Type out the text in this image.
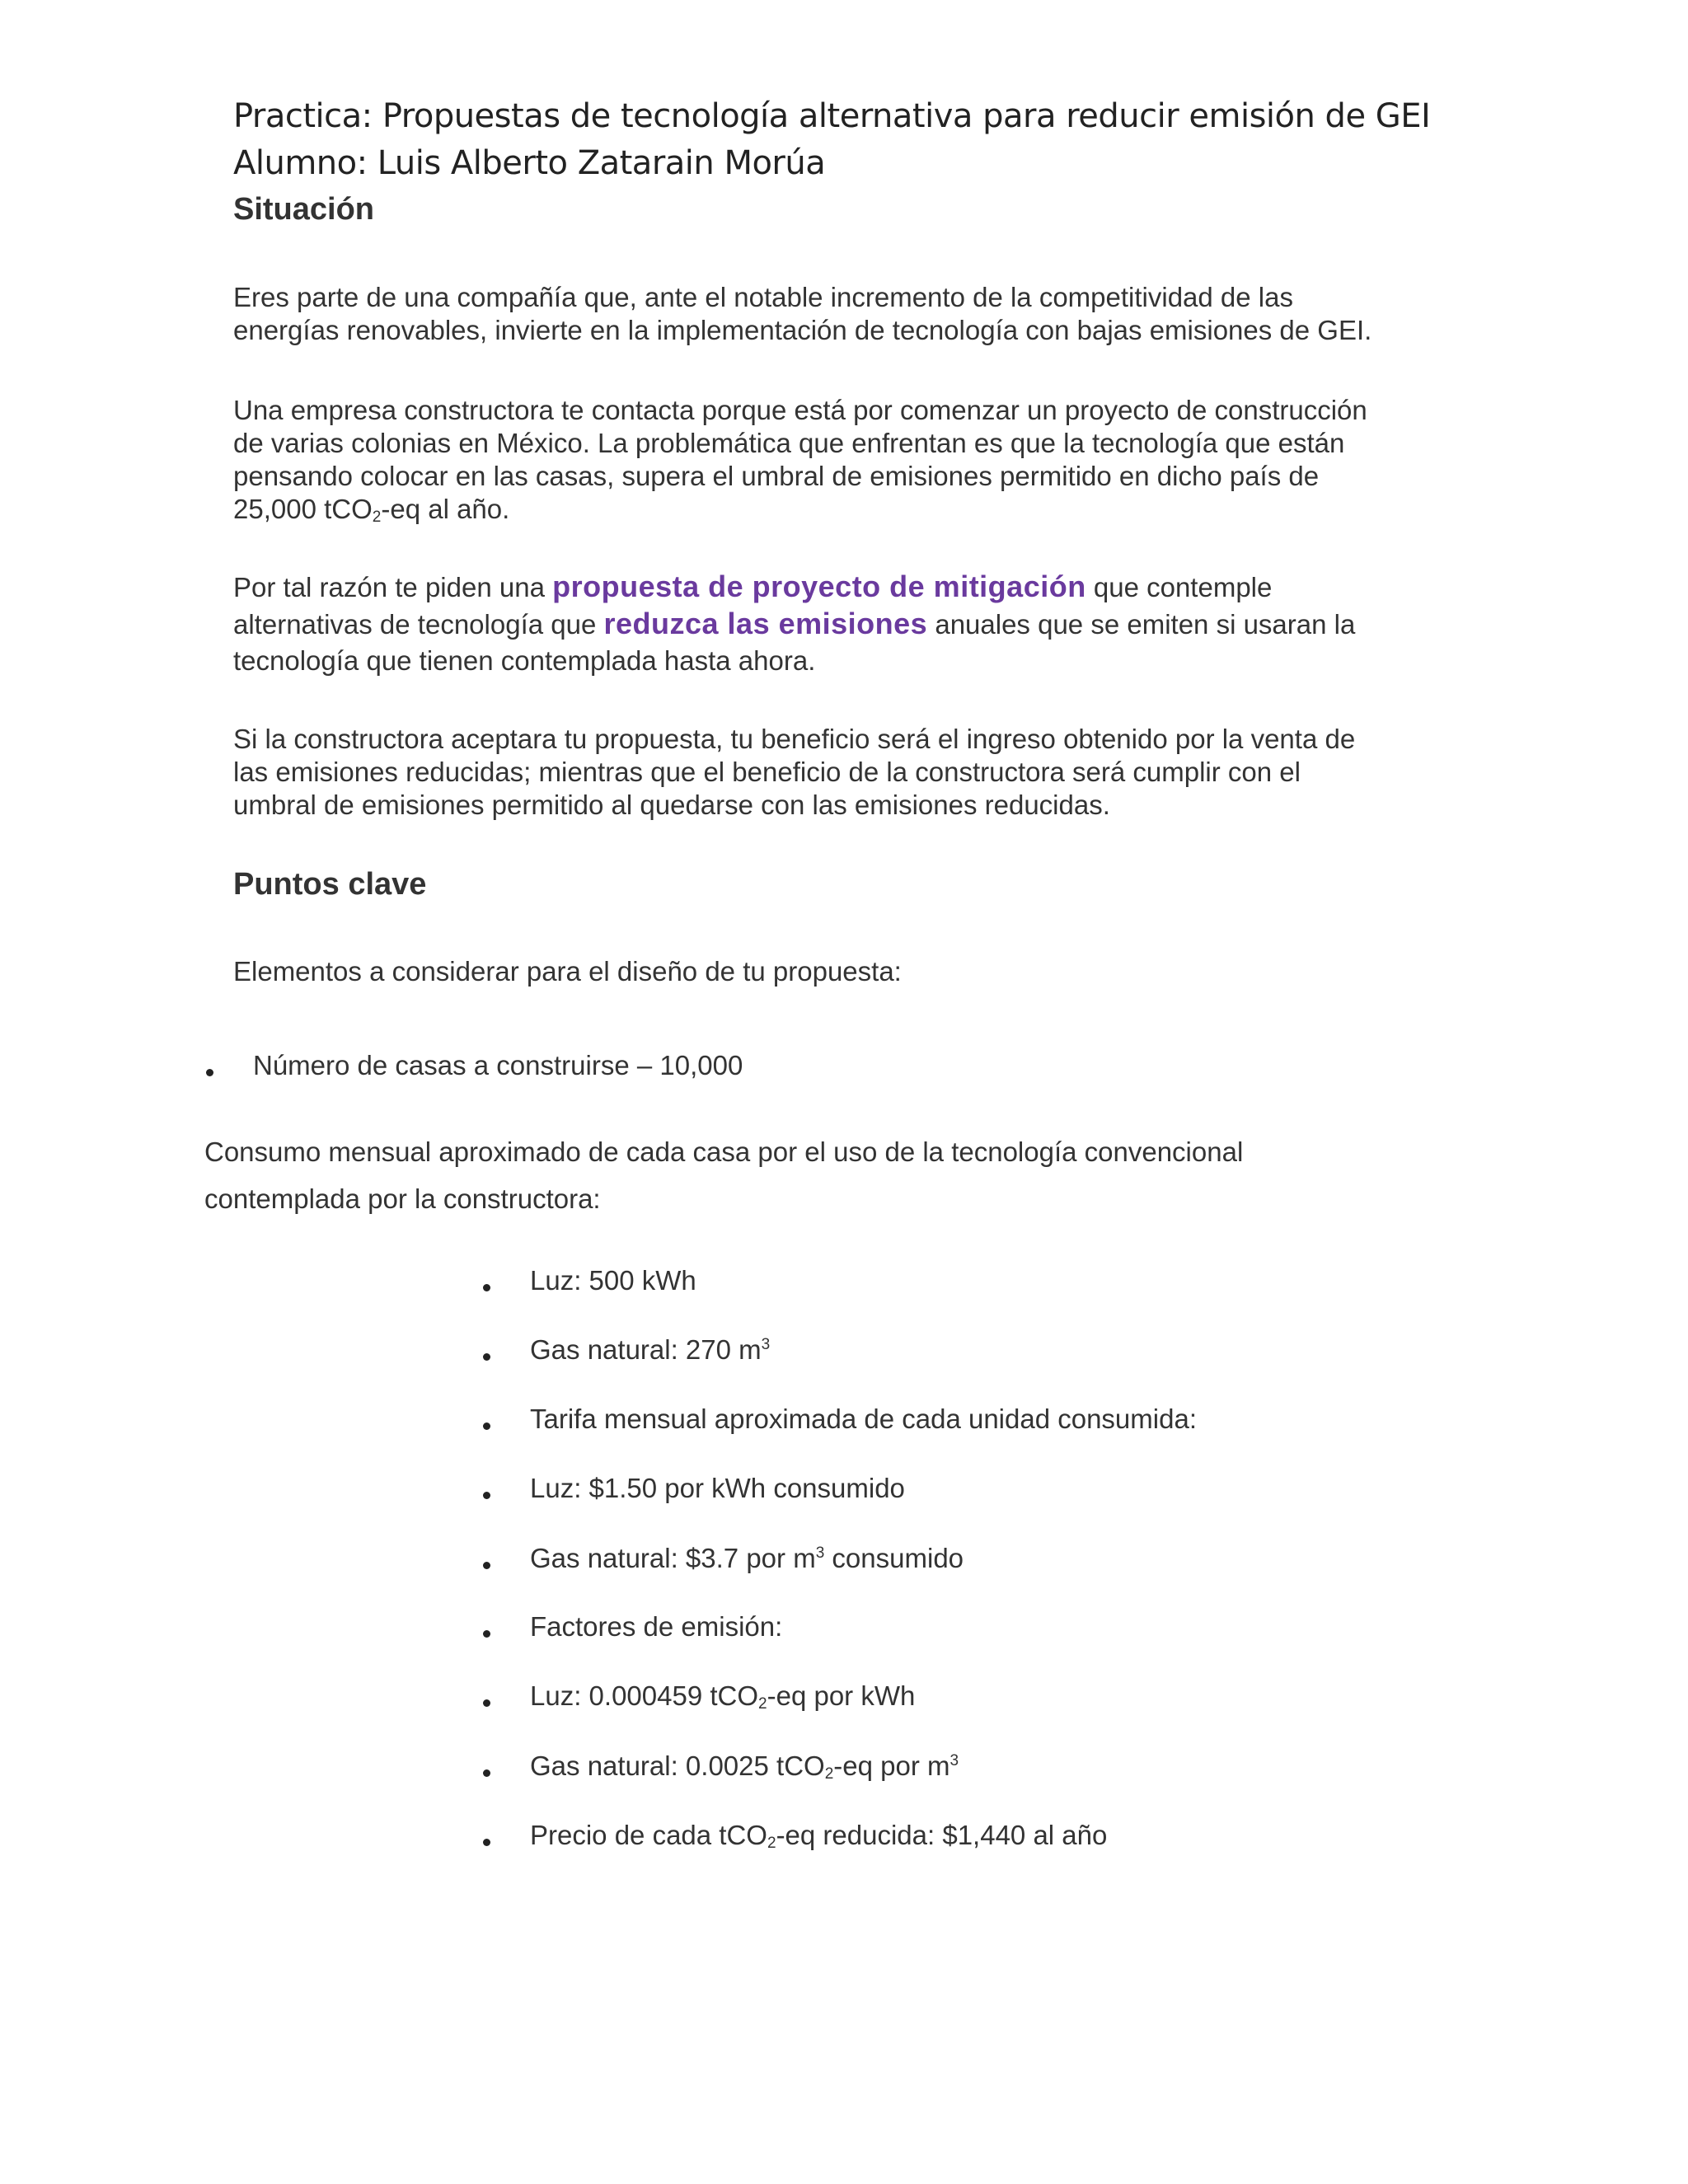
Practica: Propuestas de tecnología alternativa para reducir emisión de GEI
Alumno: Luis Alberto Zatarain Morúa
Situación
Eres parte de una compañía que, ante el notable incremento de la competitividad de las
energías renovables, invierte en la implementación de tecnología con bajas emisiones de GEI.
Una empresa constructora te contacta porque está por comenzar un proyecto de construcción
de varias colonias en México. La problemática que enfrentan es que la tecnología que están
pensando colocar en las casas, supera el umbral de emisiones permitido en dicho país de
25,000 tCO$_2$-eq al año.
Por tal razón te piden una propuesta de proyecto de mitigación que contemple
alternativas de tecnología que reduzca las emisiones anuales que se emiten si usaran la
tecnología que tienen contemplada hasta ahora.
Si la constructora aceptara tu propuesta, tu beneficio será el ingreso obtenido por la venta de
las emisiones reducidas; mientras que el beneficio de la constructora será cumplir con el
umbral de emisiones permitido al quedarse con las emisiones reducidas.
Puntos clave
Elementos a considerar para el diseño de tu propuesta:
Número de casas a construirse – 10,000
Consumo mensual aproximado de cada casa por el uso de la tecnología convencional
contemplada por la constructora:
Luz: 500 kWh
Gas natural: 270 $m^3$
Tarifa mensual aproximada de cada unidad consumida:
Luz: $1.50 por kWh consumido
Gas natural: $3.7 por $m^3$ consumido
Factores de emisión:
Luz: 0.000459 tCO$_2$-eq por kWh
Gas natural: 0.0025 tCO$_2$-eq por $m^3$
Precio de cada tCO$_2$-eq reducida: $1,440 al año
